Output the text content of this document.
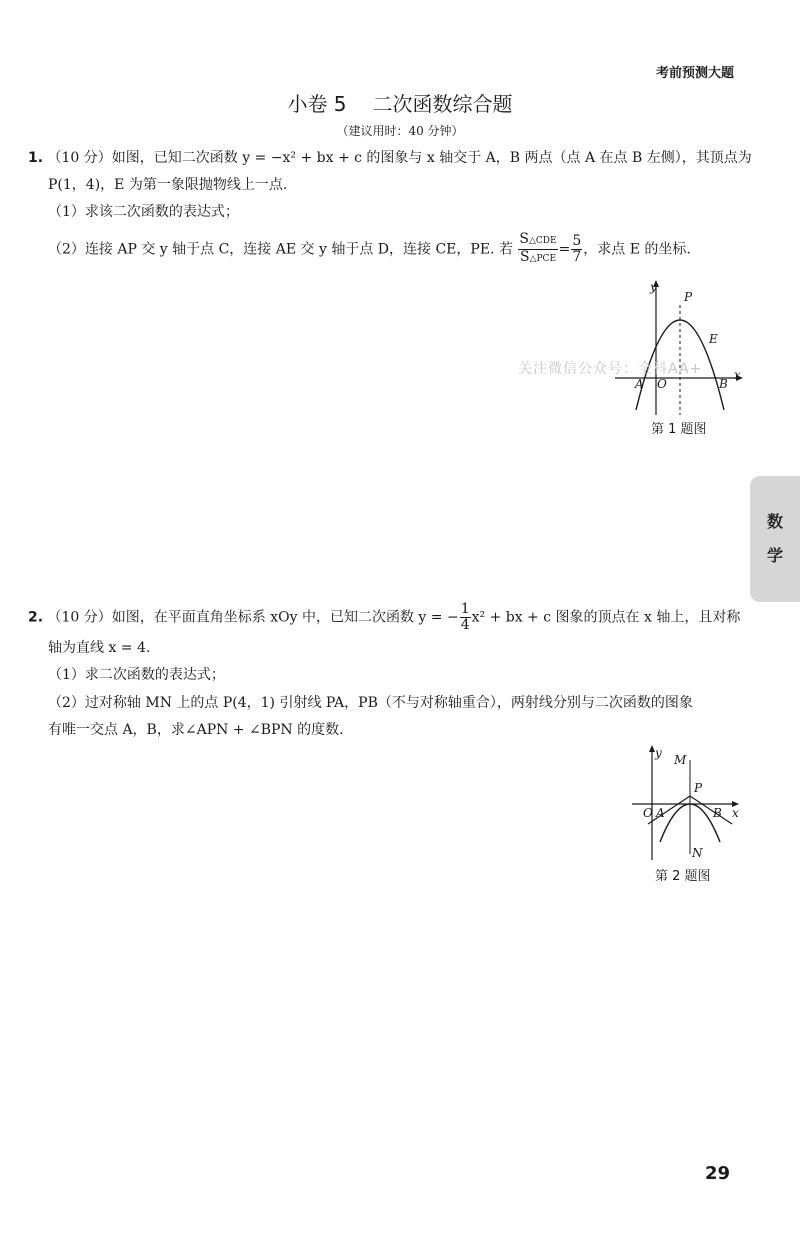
考前预测大题
小卷 5 二次函数综合题
（建议用时：40 分钟）
1. （10 分）如图，已知二次函数 y = −x² + bx + c 的图象与 x 轴交于 A，B 两点（点 A 在点 B 左侧），其顶点为
P(1，4)，E 为第一象限抛物线上一点.
（1）求该二次函数的表达式；
（2）连接 AP 交 y 轴于点 C，连接 AE 交 y 轴于点 D，连接 CE，PE. 若 $\frac{\text{S△CDE}}{\text{S△PCE}} = \frac{5}{7}$ ，求点 E 的坐标.
y
P
E
A O	B
x
第 1 题图
关注微信公众号：全科AA+
数
学
2. （10 分）如图，在平面直角坐标系 xOy 中，已知二次函数 y = − $\frac{1}{4} x^2$ + bx + c 图象的顶点在 x 轴上，且对称
轴为直线 x = 4.
（1）求二次函数的表达式；
（2）过对称轴 MN 上的点 P(4，1) 引射线 PA，PB（不与对称轴重合），两射线分别与二次函数的图象
有唯一交点 A，B，求∠APN + ∠BPN 的度数.
y M
P
O A	B x
N
第 2 题图
29
